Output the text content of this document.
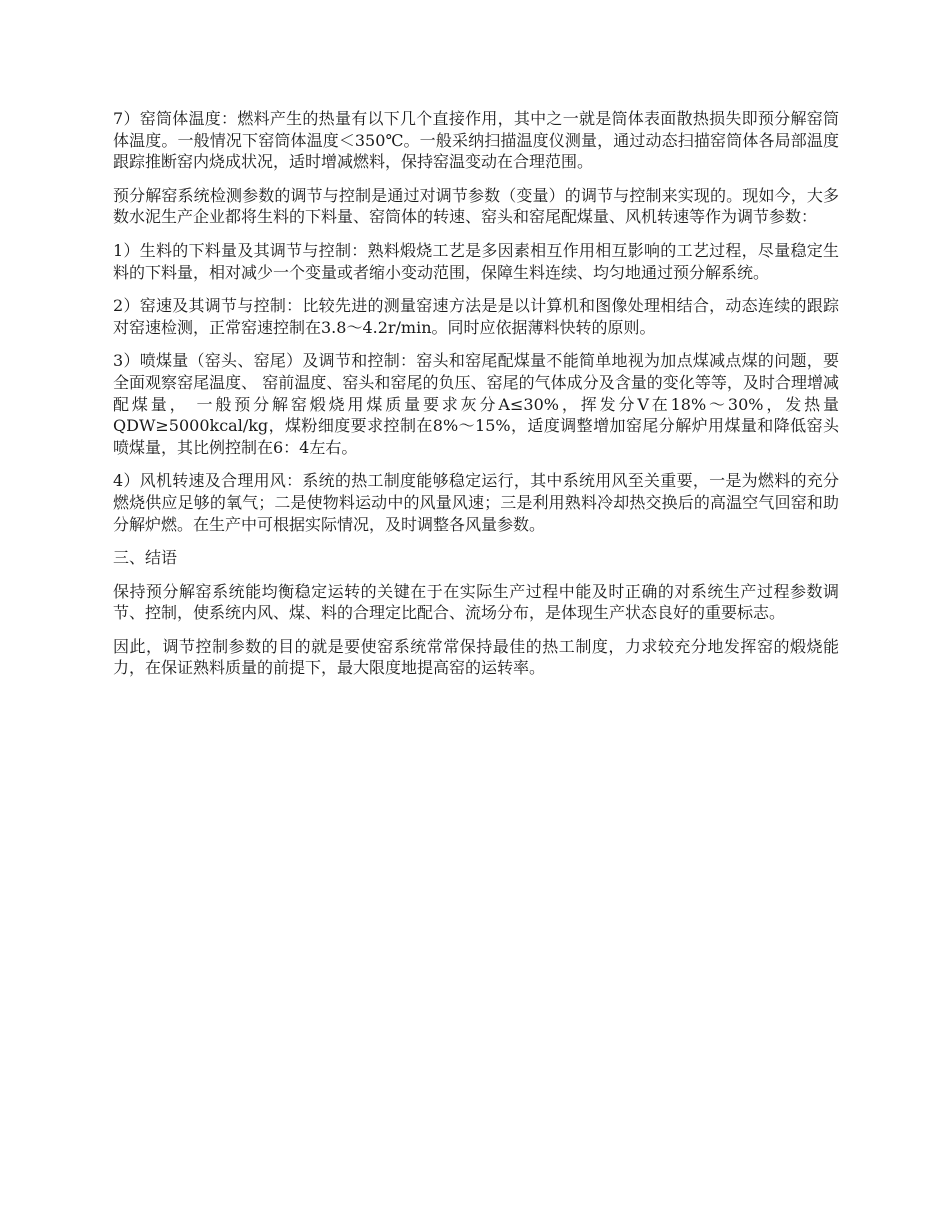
7）窑筒体温度：燃料产生的热量有以下几个直接作用，其中之一就是筒体表面散热损失即预分解窑筒体温度。一般情况下窑筒体温度＜350℃。一般采纳扫描温度仪测量，通过动态扫描窑筒体各局部温度跟踪推断窑内烧成状况，适时增减燃料，保持窑温变动在合理范围。

预分解窑系统检测参数的调节与控制是通过对调节参数（变量）的调节与控制来实现的。现如今，大多数水泥生产企业都将生料的下料量、窑筒体的转速、窑头和窑尾配煤量、风机转速等作为调节参数：

1）生料的下料量及其调节与控制：熟料煅烧工艺是多因素相互作用相互影响的工艺过程，尽量稳定生料的下料量，相对减少一个变量或者缩小变动范围，保障生料连续、均匀地通过预分解系统。

2）窑速及其调节与控制：比较先进的测量窑速方法是是以计算机和图像处理相结合，动态连续的跟踪对窑速检测，正常窑速控制在3.8～4.2r/min。同时应依据薄料快转的原则。

3）喷煤量（窑头、窑尾）及调节和控制：窑头和窑尾配煤量不能简单地视为加点煤减点煤的问题，要全面观察窑尾温度、 窑前温度、窑头和窑尾的负压、窑尾的气体成分及含量的变化等等，及时合理增减配煤量， 一般预分解窑煅烧用煤质量要求灰分A≤30%，挥发分V在18%～30%，发热量QDW≥5000kcal/kg，煤粉细度要求控制在8%～15%，适度调整增加窑尾分解炉用煤量和降低窑头喷煤量，其比例控制在6：4左右。

4）风机转速及合理用风：系统的热工制度能够稳定运行，其中系统用风至关重要，一是为燃料的充分燃烧供应足够的氧气；二是使物料运动中的风量风速；三是利用熟料冷却热交换后的高温空气回窑和助分解炉燃。在生产中可根据实际情况，及时调整各风量参数。

三、结语

保持预分解窑系统能均衡稳定运转的关键在于在实际生产过程中能及时正确的对系统生产过程参数调节、控制，使系统内风、煤、料的合理定比配合、流场分布，是体现生产状态良好的重要标志。

因此，调节控制参数的目的就是要使窑系统常常保持最佳的热工制度，力求较充分地发挥窑的煅烧能力，在保证熟料质量的前提下，最大限度地提高窑的运转率。
